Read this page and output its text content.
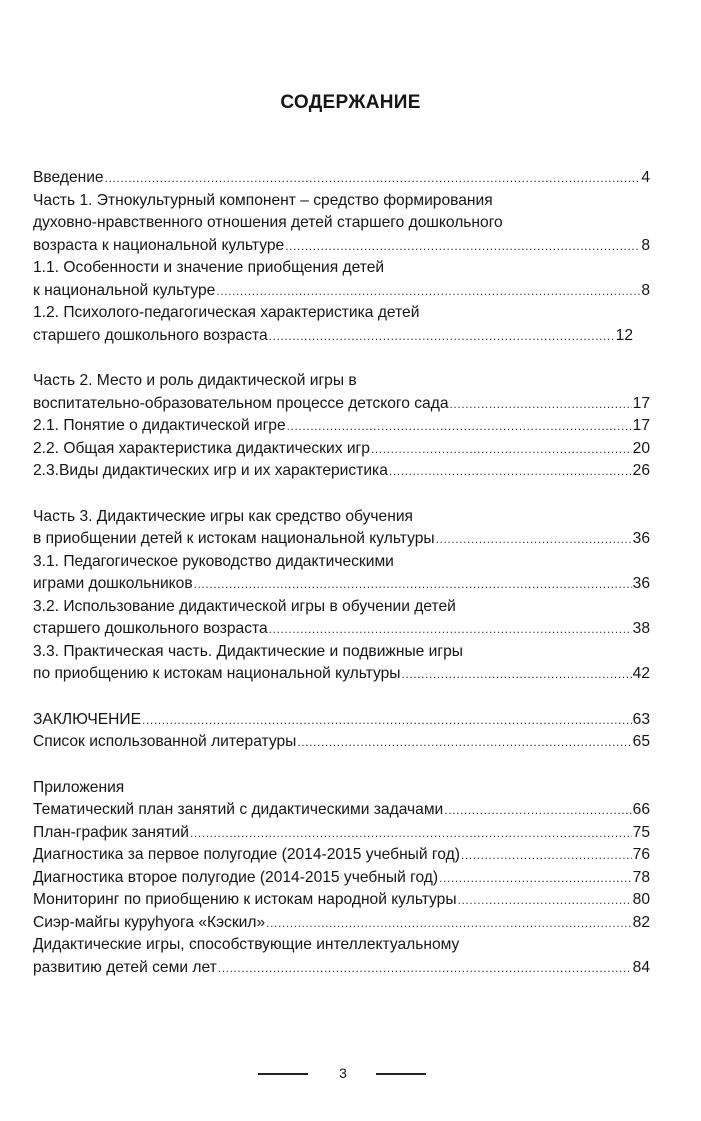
СОДЕРЖАНИЕ
Введение .....	4
Часть 1. Этнокультурный компонент – средство формирования
духовно-нравственного отношения детей старшего дошкольного
возраста к национальной культуре .....	8
1.1. Особенности и значение приобщения детей
к национальной культуре .....	8
1.2. Психолого-педагогическая характеристика детей
старшего дошкольного возраста .....	12
Часть 2. Место и роль дидактической игры в
воспитательно-образовательном процессе детского сада .....	17
2.1. Понятие о дидактической игре .....	17
2.2. Общая характеристика дидактических игр .....	20
2.3.Виды дидактических игр и их характеристика .....	26
Часть 3. Дидактические игры как средство обучения
в приобщении детей к истокам национальной культуры .....	36
3.1. Педагогическое руководство дидактическими
играми дошкольников .....	36
3.2. Использование дидактической игры в обучении детей
старшего дошкольного возраста .....	38
3.3. Практическая часть. Дидактические и подвижные игры
по приобщению к истокам национальной культуры .....	42
ЗАКЛЮЧЕНИЕ .....	63
Список использованной литературы .....	65
Приложения
Тематический план занятий с дидактическими задачами .....	66
План-график занятий .....	75
Диагностика за первое полугодие (2014-2015 учебный год) .....	76
Диагностика второе полугодие (2014-2015 учебный год) .....	78
Мониторинг по приобщению к истокам народной культуры .....	80
Сиэр-майгы куруһуога «Кэскил» .....	82
Дидактические игры, способствующие интеллектуальному
развитию детей семи лет .....	84
3
